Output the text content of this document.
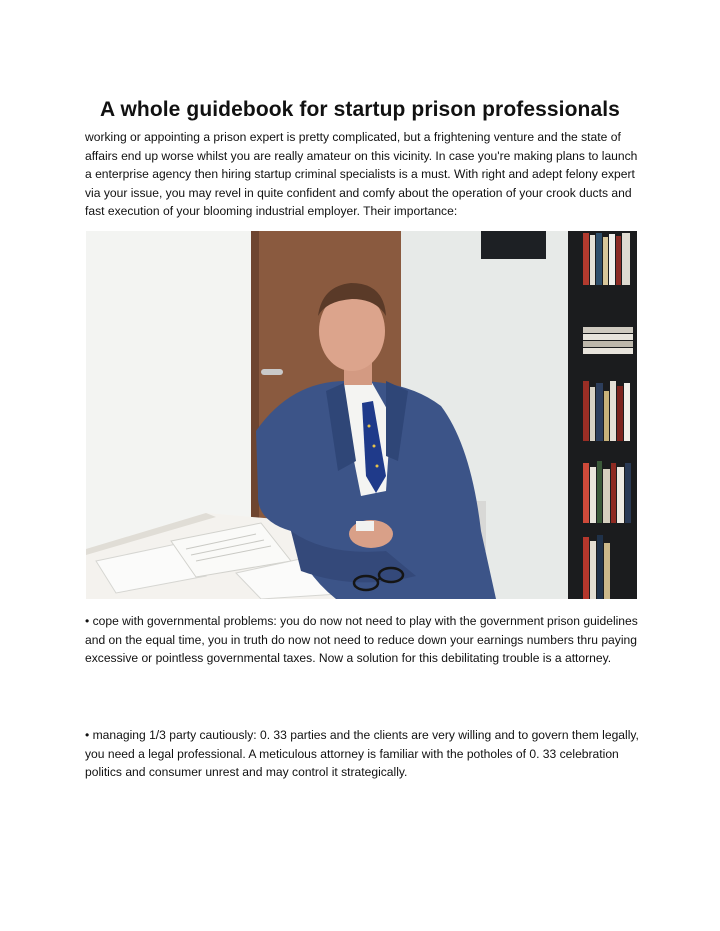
A whole guidebook for startup prison professionals

working or appointing a prison expert is pretty complicated, but a frightening venture and the state of affairs end up worse whilst you are really amateur on this vicinity. In case you're making plans to launch a enterprise agency then hiring startup criminal specialists is a must. With right and adept felony expert via your issue, you may revel in quite confident and comfy about the operation of your crook ducts and fast execution of your blooming industrial employer. Their importance:

• cope with governmental problems: you do now not need to play with the government prison guidelines and on the equal time, you in truth do now not need to reduce down your earnings numbers thru paying excessive or pointless governmental taxes. Now a solution for this debilitating trouble is a attorney.

• managing 1/3 party cautiously: 0. 33 parties and the clients are very willing and to govern them legally, you need a legal professional. A meticulous attorney is familiar with the potholes of 0. 33 celebration politics and consumer unrest and may control it strategically.
